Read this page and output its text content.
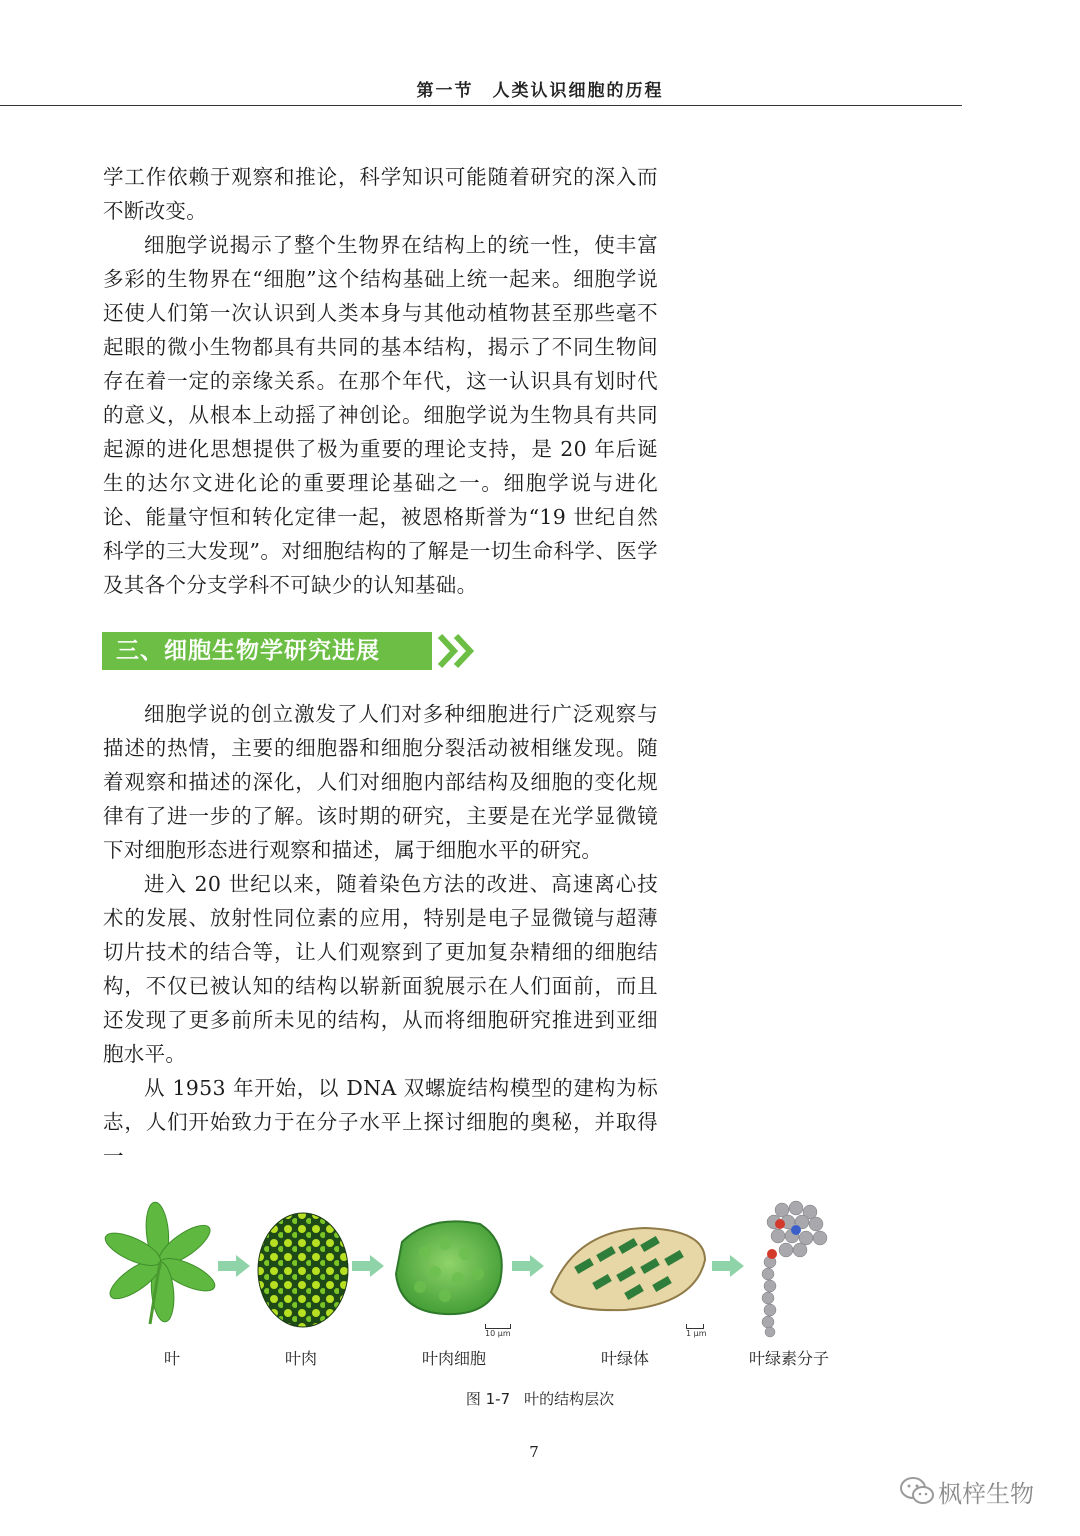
第一节　人类认识细胞的历程

学工作依赖于观察和推论，科学知识可能随着研究的深入而不断改变。

细胞学说揭示了整个生物界在结构上的统一性，使丰富多彩的生物界在“细胞”这个结构基础上统一起来。细胞学说还使人们第一次认识到人类本身与其他动植物甚至那些毫不起眼的微小生物都具有共同的基本结构，揭示了不同生物间存在着一定的亲缘关系。在那个年代，这一认识具有划时代的意义，从根本上动摇了神创论。细胞学说为生物具有共同起源的进化思想提供了极为重要的理论支持，是 20 年后诞生的达尔文进化论的重要理论基础之一。细胞学说与进化论、能量守恒和转化定律一起，被恩格斯誉为“19 世纪自然科学的三大发现”。对细胞结构的了解是一切生命科学、医学及其各个分支学科不可缺少的认知基础。

三、细胞生物学研究进展

细胞学说的创立激发了人们对多种细胞进行广泛观察与描述的热情，主要的细胞器和细胞分裂活动被相继发现。随着观察和描述的深化，人们对细胞内部结构及细胞的变化规律有了进一步的了解。该时期的研究，主要是在光学显微镜下对细胞形态进行观察和描述，属于细胞水平的研究。

进入 20 世纪以来，随着染色方法的改进、高速离心技术的发展、放射性同位素的应用，特别是电子显微镜与超薄切片技术的结合等，让人们观察到了更加复杂精细的细胞结构，不仅已被认知的结构以崭新面貌展示在人们面前，而且还发现了更多前所未见的结构，从而将细胞研究推进到亚细胞水平。

从 1953 年开始，以 DNA 双螺旋结构模型的建构为标志，人们开始致力于在分子水平上探讨细胞的奥秘，并取得一

10 μm	1 μm
叶	叶肉	叶肉细胞	叶绿体	叶绿素分子
图 1-7 叶的结构层次
7
枫梓生物
